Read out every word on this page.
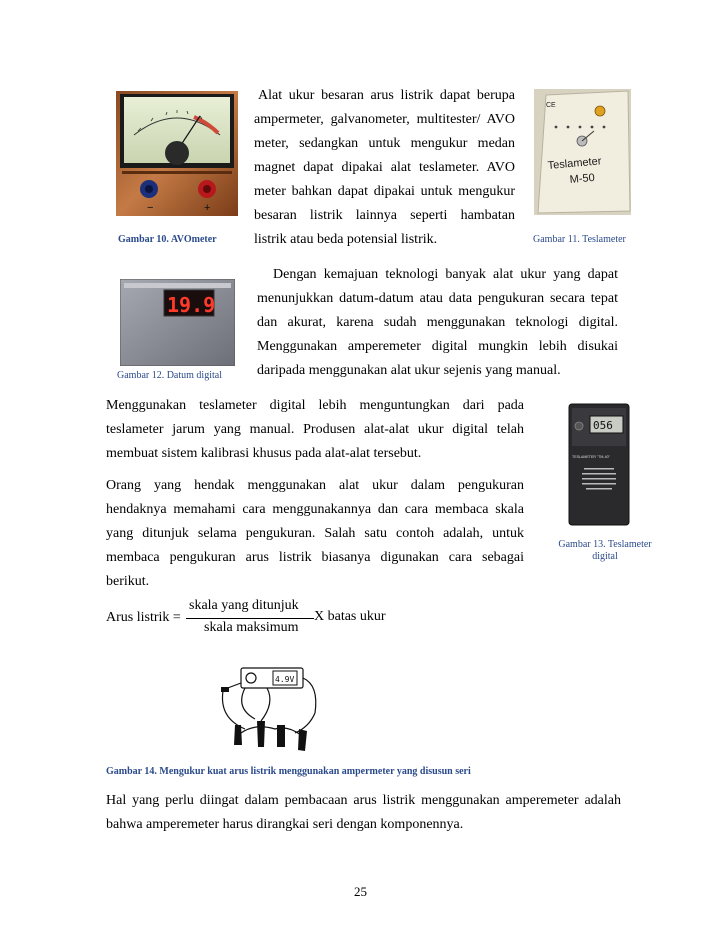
−	+
Gambar 10. AVOmeter
Alat ukur besaran arus listrik dapat berupa
ampermeter, galvanometer, multitester/ AVO
meter, sedangkan untuk mengukur medan
magnet dapat dipakai alat teslameter. AVO
meter bahkan dapat dipakai untuk mengukur
besaran listrik lainnya seperti hambatan
listrik atau beda potensial listrik.
CE
Teslameter
M-50
Gambar 11. Teslameter
19.9
Gambar 12. Datum digital
Dengan kemajuan teknologi banyak alat ukur yang dapat
menunjukkan datum-datum atau data pengukuran secara tepat
dan akurat, karena sudah menggunakan teknologi digital.
Menggunakan amperemeter digital mungkin lebih disukai
daripada menggunakan alat ukur sejenis yang manual.
Menggunakan teslameter digital lebih menguntungkan dari pada
teslameter jarum yang manual. Produsen alat-alat ukur digital telah
membuat sistem kalibrasi khusus pada alat-alat tersebut.
056
TESLAMETER "TM-40"
Gambar 13. Teslameter
digital
Orang yang hendak menggunakan alat ukur dalam pengukuran
hendaknya memahami cara menggunakannya dan cara membaca skala
yang ditunjuk selama pengukuran. Salah satu contoh adalah, untuk
membaca pengukuran arus listrik biasanya digunakan cara sebagai
berikut.
Arus listrik =
skala yang ditunjuk
skala maksimum
X batas ukur
4.9V
Gambar 14. Mengukur kuat arus listrik menggunakan ampermeter yang disusun seri
Hal yang perlu diingat dalam pembacaan arus listrik menggunakan amperemeter adalah
bahwa amperemeter harus dirangkai seri dengan komponennya.
25
